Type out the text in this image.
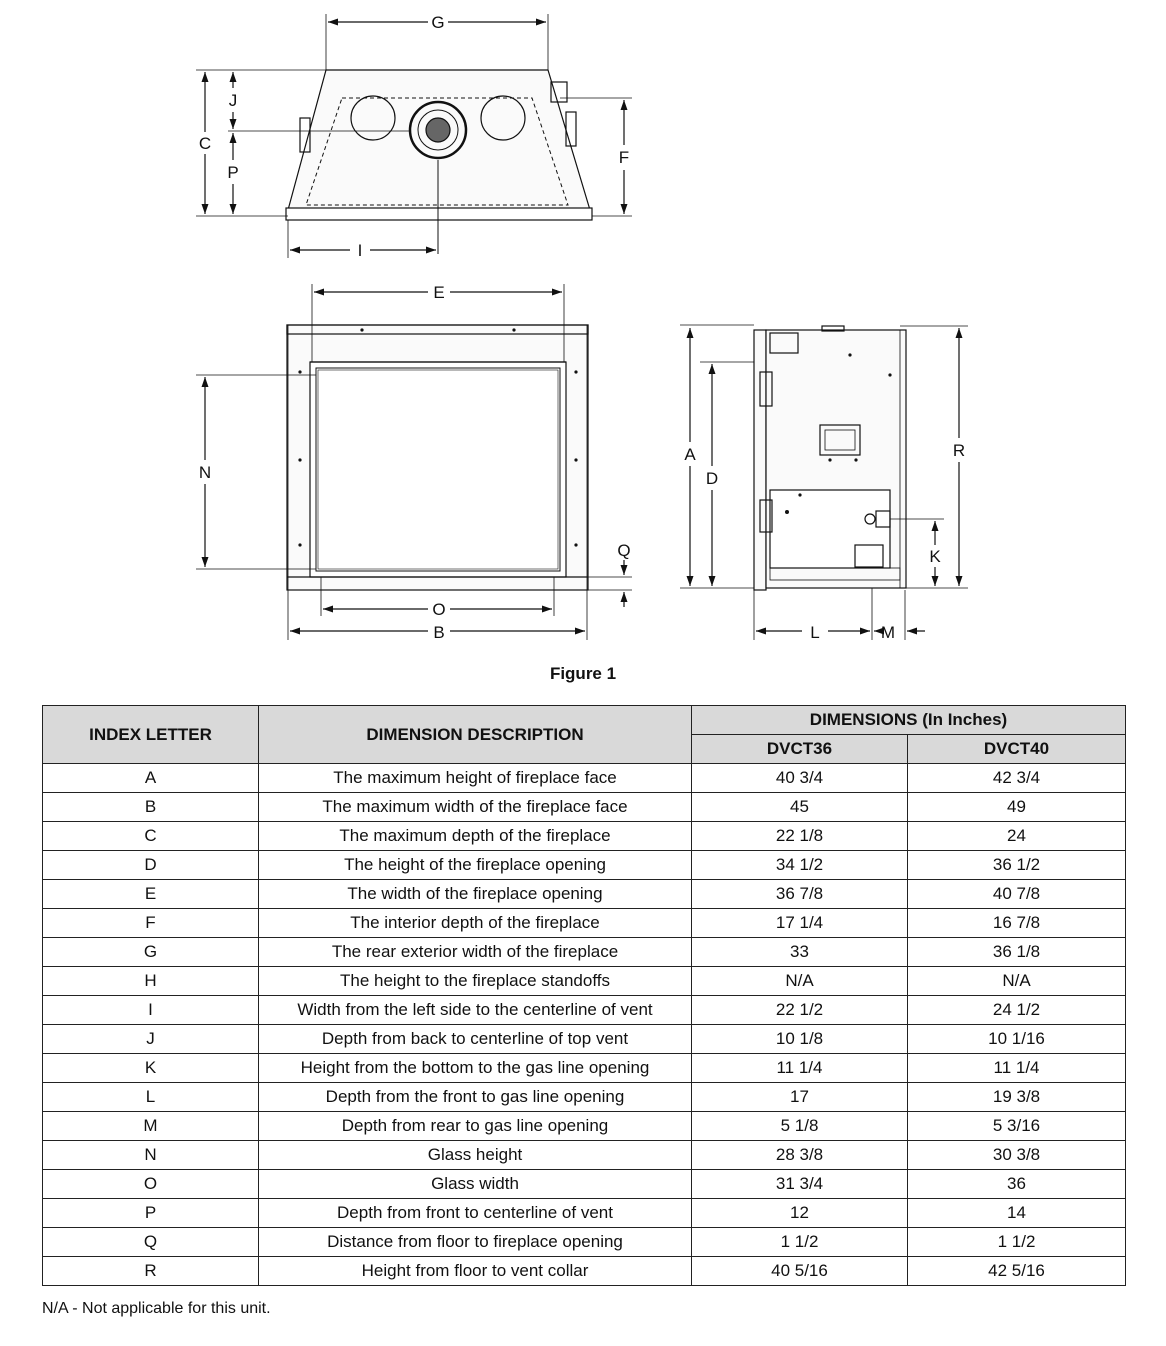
G
J
C
P
F
I
E
N
Q
O
B
A
D
R
K
L	M
Figure 1
INDEX LETTER	DIMENSION DESCRIPTION	DIMENSIONS (In Inches)	
		DVCT36	DVCT40
A	The maximum height of fireplace face	40 3/4	42 3/4
B	The maximum width of the fireplace face	45	49
C	The maximum depth of the fireplace	22 1/8	24
D	The height of the fireplace opening	34 1/2	36 1/2
E	The width of the fireplace opening	36 7/8	40 7/8
F	The interior depth of the fireplace	17 1/4	16 7/8
G	The rear exterior width of the fireplace	33	36 1/8
H	The height to the fireplace standoffs	N/A	N/A
I	Width from the left side to the centerline of vent	22 1/2	24 1/2
J	Depth from back to centerline of top vent	10 1/8	10 1/16
K	Height from the bottom to the gas line opening	11 1/4	11 1/4
L	Depth from the front to gas line opening	17	19 3/8
M	Depth from rear to gas line opening	5 1/8	5 3/16
N	Glass height	28 3/8	30 3/8
O	Glass width	31 3/4	36
P	Depth from front to centerline of vent	12	14
Q	Distance from floor to fireplace opening	1 1/2	1 1/2
R	Height from floor to vent collar	40 5/16	42 5/16
N/A - Not applicable for this unit.
